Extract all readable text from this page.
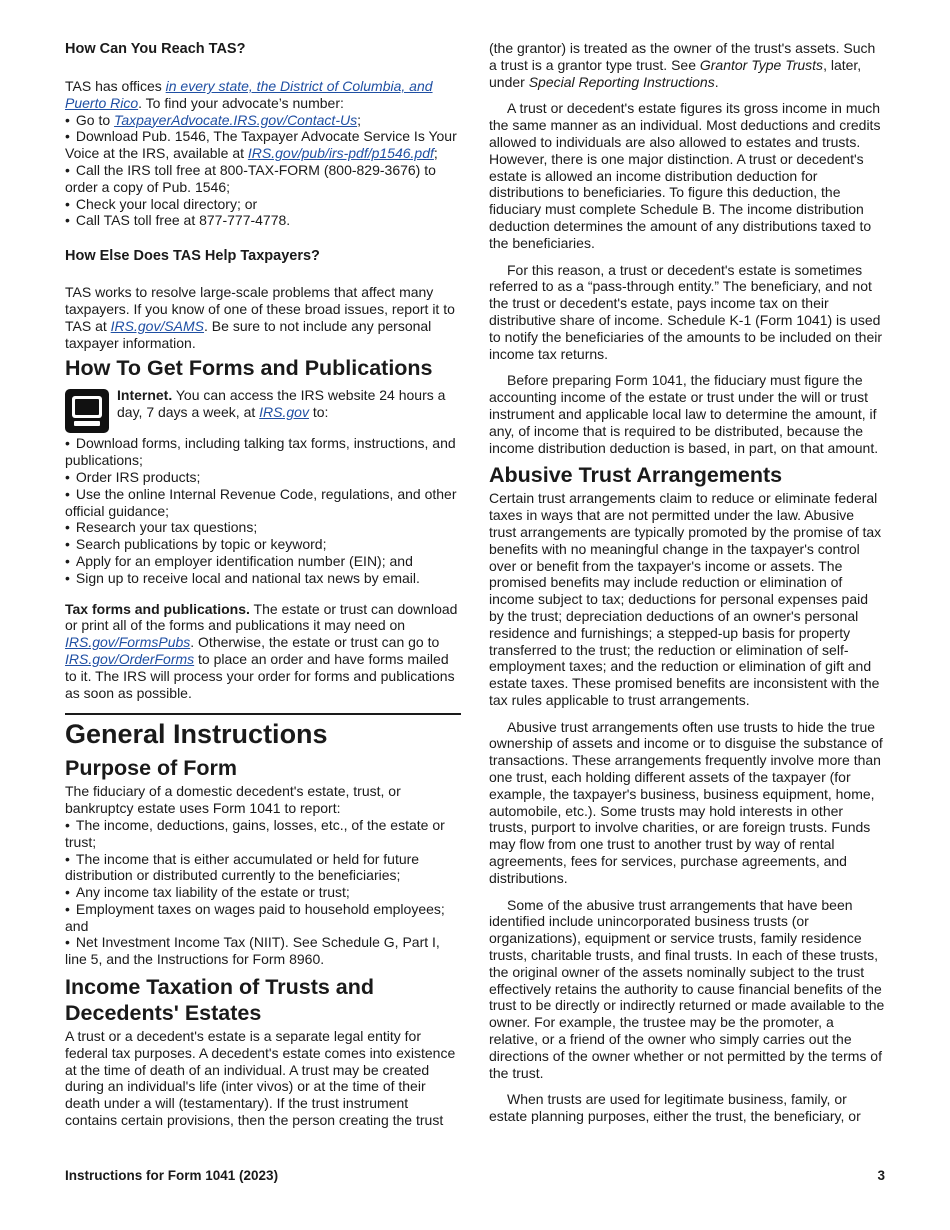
How Can You Reach TAS?

TAS has offices in every state, the District of Columbia, and Puerto Rico. To find your advocate’s number:

• Go to TaxpayerAdvocate.IRS.gov/Contact-Us;
• Download Pub. 1546, The Taxpayer Advocate Service Is Your Voice at the IRS, available at IRS.gov/pub/irs-pdf/p1546.pdf;
• Call the IRS toll free at 800-TAX-FORM (800-829-3676) to order a copy of Pub. 1546;
• Check your local directory; or
• Call TAS toll free at 877-777-4778.
How Else Does TAS Help Taxpayers?

TAS works to resolve large-scale problems that affect many taxpayers. If you know of one of these broad issues, report it to TAS at IRS.gov/SAMS. Be sure to not include any personal taxpayer information.

How To Get Forms and Publications

Internet. You can access the IRS website 24 hours a day, 7 days a week, at IRS.gov to:

• Download forms, including talking tax forms, instructions, and publications;
• Order IRS products;
• Use the online Internal Revenue Code, regulations, and other official guidance;
• Research your tax questions;
• Search publications by topic or keyword;
• Apply for an employer identification number (EIN); and
• Sign up to receive local and national tax news by email.

Tax forms and publications. The estate or trust can download or print all of the forms and publications it may need on IRS.gov/FormsPubs. Otherwise, the estate or trust can go to IRS.gov/OrderForms to place an order and have forms mailed to it. The IRS will process your order for forms and publications as soon as possible.

General Instructions
Purpose of Form

The fiduciary of a domestic decedent's estate, trust, or bankruptcy estate uses Form 1041 to report:

• The income, deductions, gains, losses, etc., of the estate or trust;
• The income that is either accumulated or held for future distribution or distributed currently to the beneficiaries;
• Any income tax liability of the estate or trust;
• Employment taxes on wages paid to household employees; and
• Net Investment Income Tax (NIIT). See Schedule G, Part I, line 5, and the Instructions for Form 8960.
Income Taxation of Trusts and Decedents' Estates

A trust or a decedent's estate is a separate legal entity for federal tax purposes. A decedent's estate comes into existence at the time of death of an individual. A trust may be created during an individual's life (inter vivos) or at the time of their death under a will (testamentary). If the trust instrument contains certain provisions, then the person creating the trust

(the grantor) is treated as the owner of the trust's assets. Such a trust is a grantor type trust. See Grantor Type Trusts, later, under Special Reporting Instructions.

A trust or decedent's estate figures its gross income in much the same manner as an individual. Most deductions and credits allowed to individuals are also allowed to estates and trusts. However, there is one major distinction. A trust or decedent's estate is allowed an income distribution deduction for distributions to beneficiaries. To figure this deduction, the fiduciary must complete Schedule B. The income distribution deduction determines the amount of any distributions taxed to the beneficiaries.

For this reason, a trust or decedent's estate is sometimes referred to as a “pass-through entity.” The beneficiary, and not the trust or decedent's estate, pays income tax on their distributive share of income. Schedule K-1 (Form 1041) is used to notify the beneficiaries of the amounts to be included on their income tax returns.

Before preparing Form 1041, the fiduciary must figure the accounting income of the estate or trust under the will or trust instrument and applicable local law to determine the amount, if any, of income that is required to be distributed, because the income distribution deduction is based, in part, on that amount.

Abusive Trust Arrangements

Certain trust arrangements claim to reduce or eliminate federal taxes in ways that are not permitted under the law. Abusive trust arrangements are typically promoted by the promise of tax benefits with no meaningful change in the taxpayer's control over or benefit from the taxpayer's income or assets. The promised benefits may include reduction or elimination of income subject to tax; deductions for personal expenses paid by the trust; depreciation deductions of an owner's personal residence and furnishings; a stepped-up basis for property transferred to the trust; the reduction or elimination of self-employment taxes; and the reduction or elimination of gift and estate taxes. These promised benefits are inconsistent with the tax rules applicable to trust arrangements.

Abusive trust arrangements often use trusts to hide the true ownership of assets and income or to disguise the substance of transactions. These arrangements frequently involve more than one trust, each holding different assets of the taxpayer (for example, the taxpayer's business, business equipment, home, automobile, etc.). Some trusts may hold interests in other trusts, purport to involve charities, or are foreign trusts. Funds may flow from one trust to another trust by way of rental agreements, fees for services, purchase agreements, and distributions.

Some of the abusive trust arrangements that have been identified include unincorporated business trusts (or organizations), equipment or service trusts, family residence trusts, charitable trusts, and final trusts. In each of these trusts, the original owner of the assets nominally subject to the trust effectively retains the authority to cause financial benefits of the trust to be directly or indirectly returned or made available to the owner. For example, the trustee may be the promoter, a relative, or a friend of the owner who simply carries out the directions of the owner whether or not permitted by the terms of the trust.

When trusts are used for legitimate business, family, or estate planning purposes, either the trust, the beneficiary, or

Instructions for Form 1041 (2023)	3
